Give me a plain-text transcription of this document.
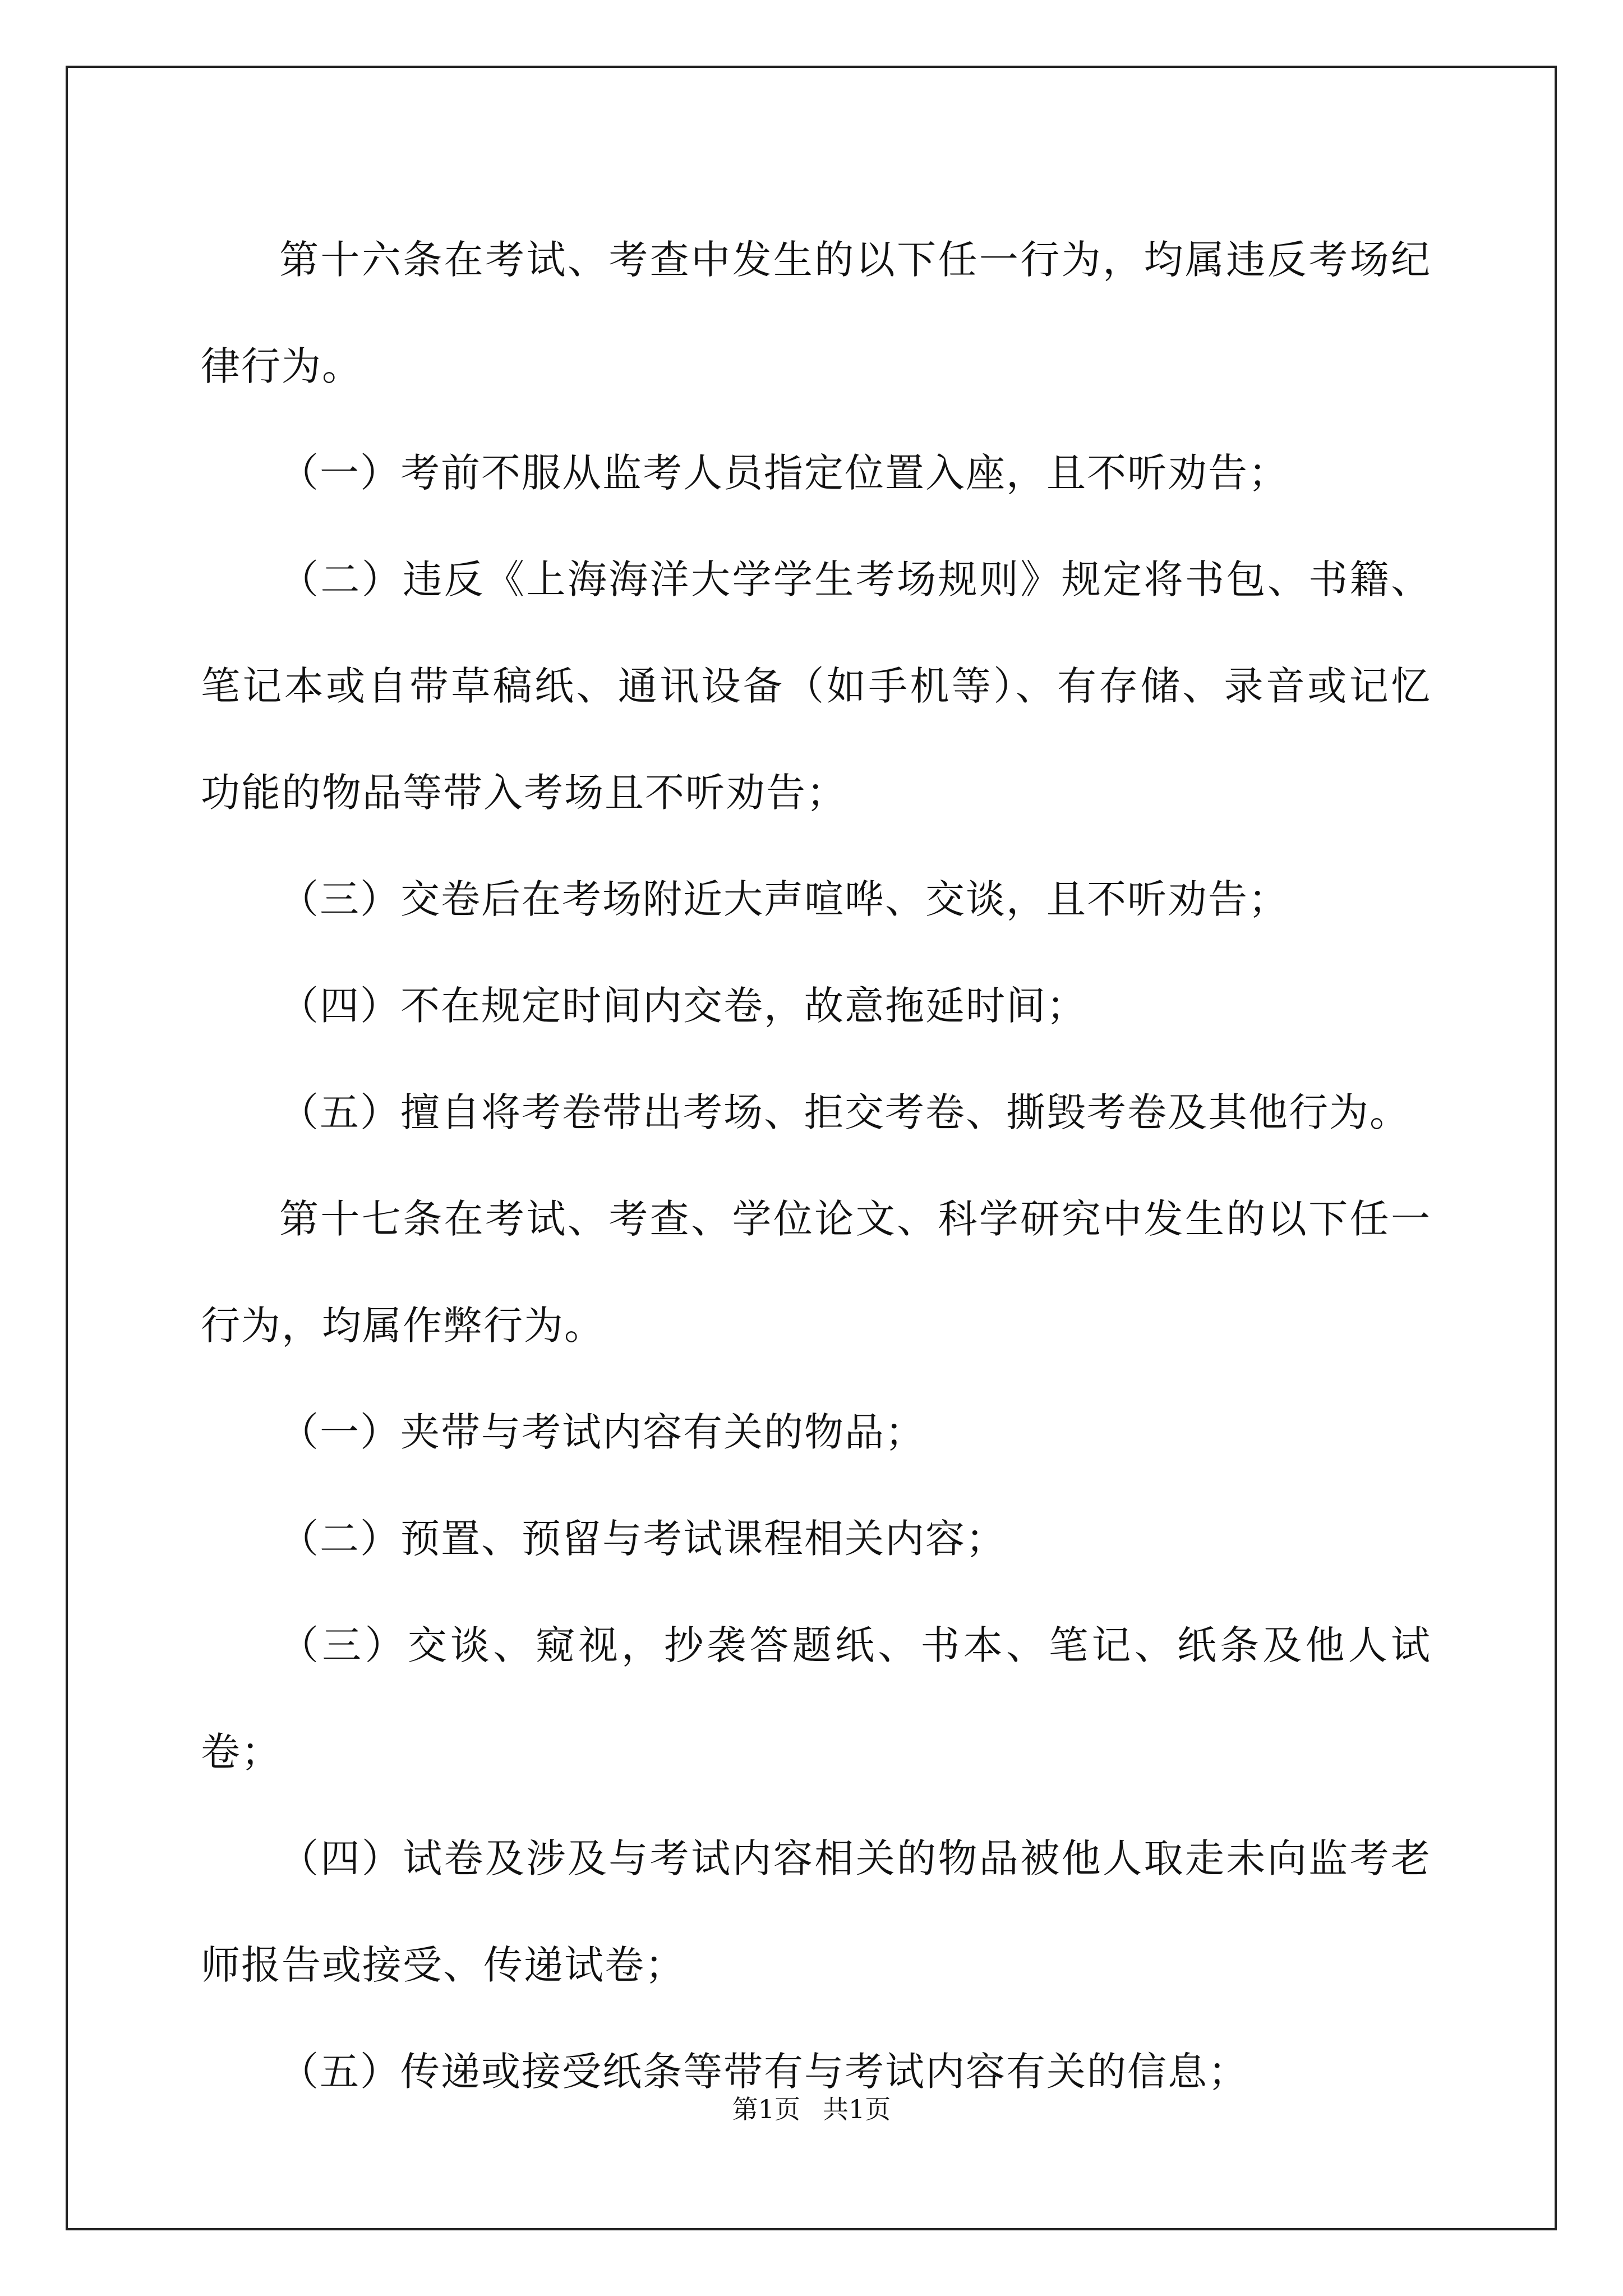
第十六条在考试、考查中发生的以下任一行为，均属违反考场纪律行为。

（一）考前不服从监考人员指定位置入座，且不听劝告；

（二）违反《上海海洋大学学生考场规则》规定将书包、书籍、笔记本或自带草稿纸、通讯设备（如手机等）、有存储、录音或记忆功能的物品等带入考场且不听劝告；

（三）交卷后在考场附近大声喧哗、交谈，且不听劝告；

（四）不在规定时间内交卷，故意拖延时间；

（五）擅自将考卷带出考场、拒交考卷、撕毁考卷及其他行为。

第十七条在考试、考查、学位论文、科学研究中发生的以下任一行为，均属作弊行为。

（一）夹带与考试内容有关的物品；

（二）预置、预留与考试课程相关内容；

（三）交谈、窥视，抄袭答题纸、书本、笔记、纸条及他人试卷；

（四）试卷及涉及与考试内容相关的物品被他人取走未向监考老师报告或接受、传递试卷；

（五）传递或接受纸条等带有与考试内容有关的信息；

第1页 共1页
